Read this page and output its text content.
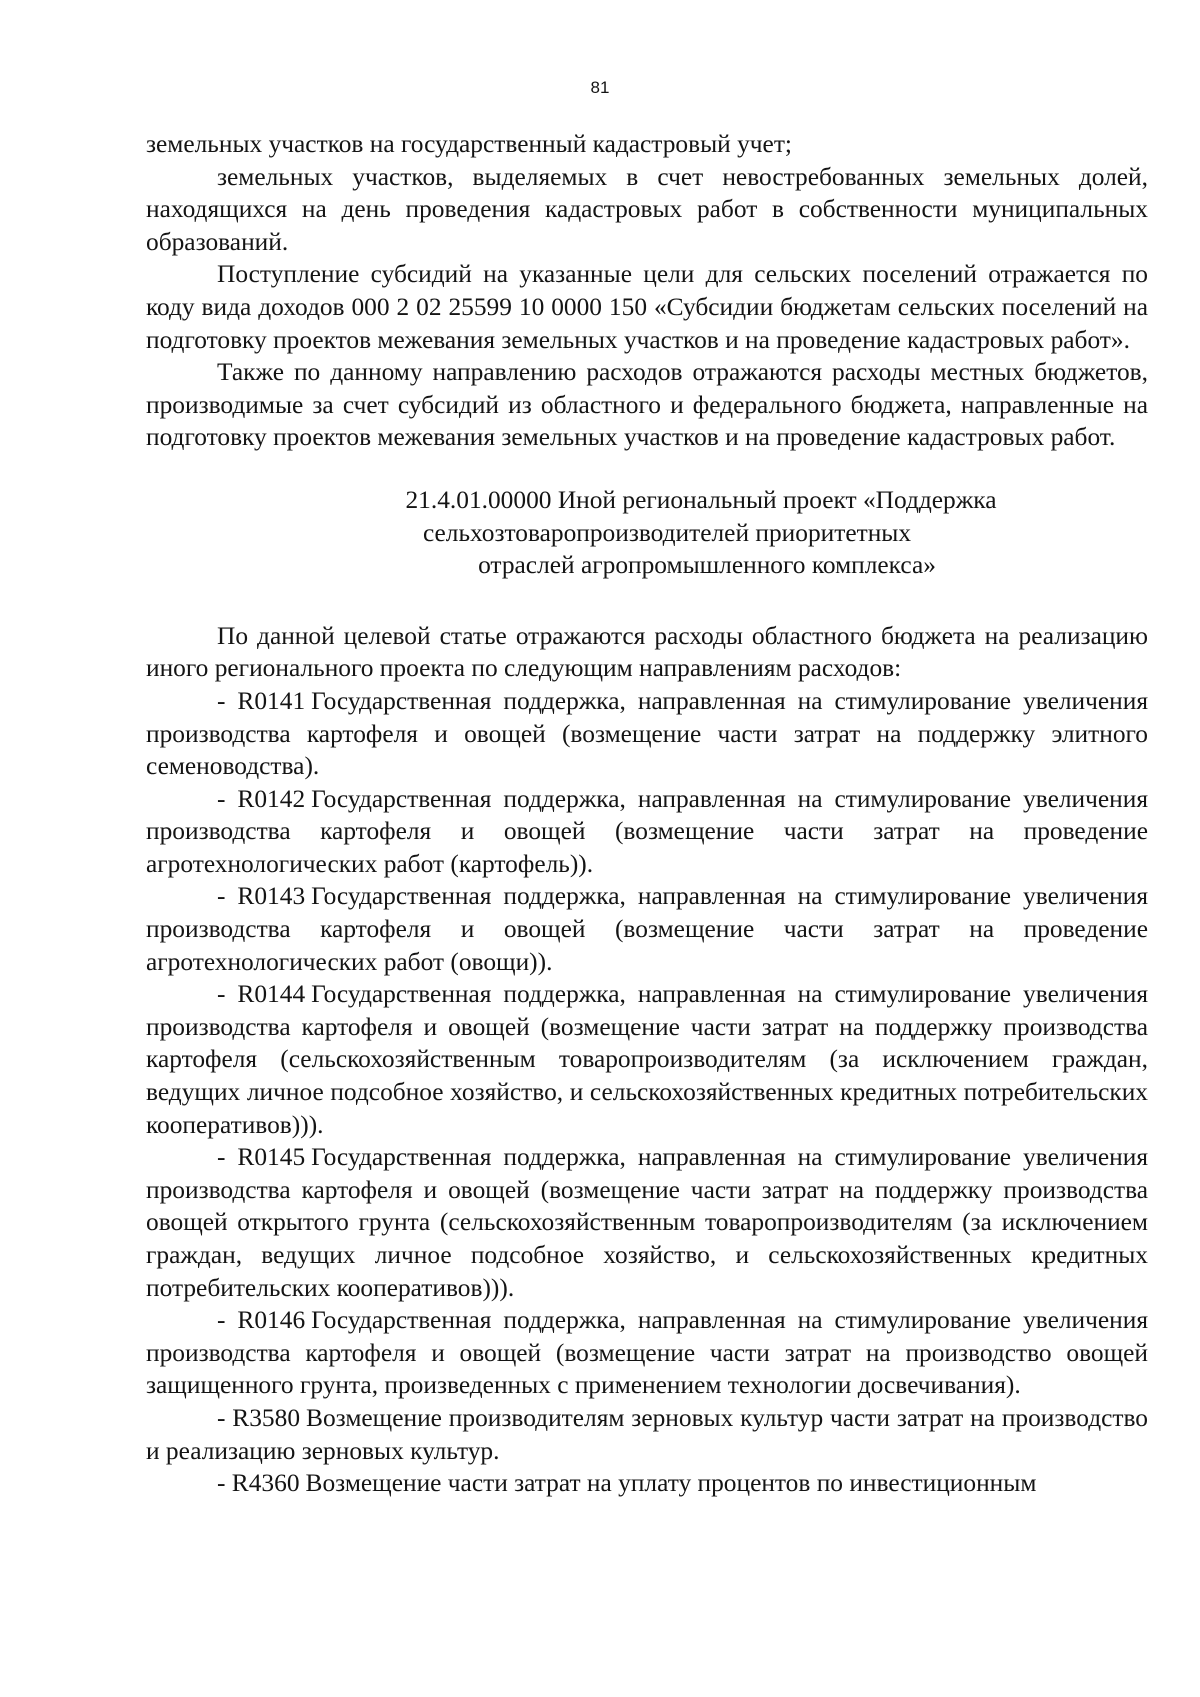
81

земельных участков на государственный кадастровый учет;

земельных участков, выделяемых в счет невостребованных земельных долей, находящихся на день проведения кадастровых работ в собственности муниципальных образований.

Поступление субсидий на указанные цели для сельских поселений отражается по коду вида доходов 000 2 02 25599 10 0000 150 «Субсидии бюджетам сельских поселений на подготовку проектов межевания земельных участков и на проведение кадастровых работ».

Также по данному направлению расходов отражаются расходы местных бюджетов, производимые за счет субсидий из областного и федерального бюджета, направленные на подготовку проектов межевания земельных участков и на проведение кадастровых работ.

21.4.01.00000 Иной региональный проект «Поддержка
сельхозтоваропроизводителей приоритетных
отраслей агропромышленного комплекса»

По данной целевой статье отражаются расходы областного бюджета на реализацию иного регионального проекта по следующим направлениям расходов:

- R0141 Государственная поддержка, направленная на стимулирование увеличения производства картофеля и овощей (возмещение части затрат на поддержку элитного семеноводства).

- R0142 Государственная поддержка, направленная на стимулирование увеличения производства картофеля и овощей (возмещение части затрат на проведение агротехнологических работ (картофель)).

- R0143 Государственная поддержка, направленная на стимулирование увеличения производства картофеля и овощей (возмещение части затрат на проведение агротехнологических работ (овощи)).

- R0144 Государственная поддержка, направленная на стимулирование увеличения производства картофеля и овощей (возмещение части затрат на поддержку производства картофеля (сельскохозяйственным товаропроизводителям (за исключением граждан, ведущих личное подсобное хозяйство, и сельскохозяйственных кредитных потребительских кооперативов))).

- R0145 Государственная поддержка, направленная на стимулирование увеличения производства картофеля и овощей (возмещение части затрат на поддержку производства овощей открытого грунта (сельскохозяйственным товаропроизводителям (за исключением граждан, ведущих личное подсобное хозяйство, и сельскохозяйственных кредитных потребительских кооперативов))).

- R0146 Государственная поддержка, направленная на стимулирование увеличения производства картофеля и овощей (возмещение части затрат на производство овощей защищенного грунта, произведенных с применением технологии досвечивания).

- R3580 Возмещение производителям зерновых культур части затрат на производство и реализацию зерновых культур.

- R4360 Возмещение части затрат на уплату процентов по инвестиционным
